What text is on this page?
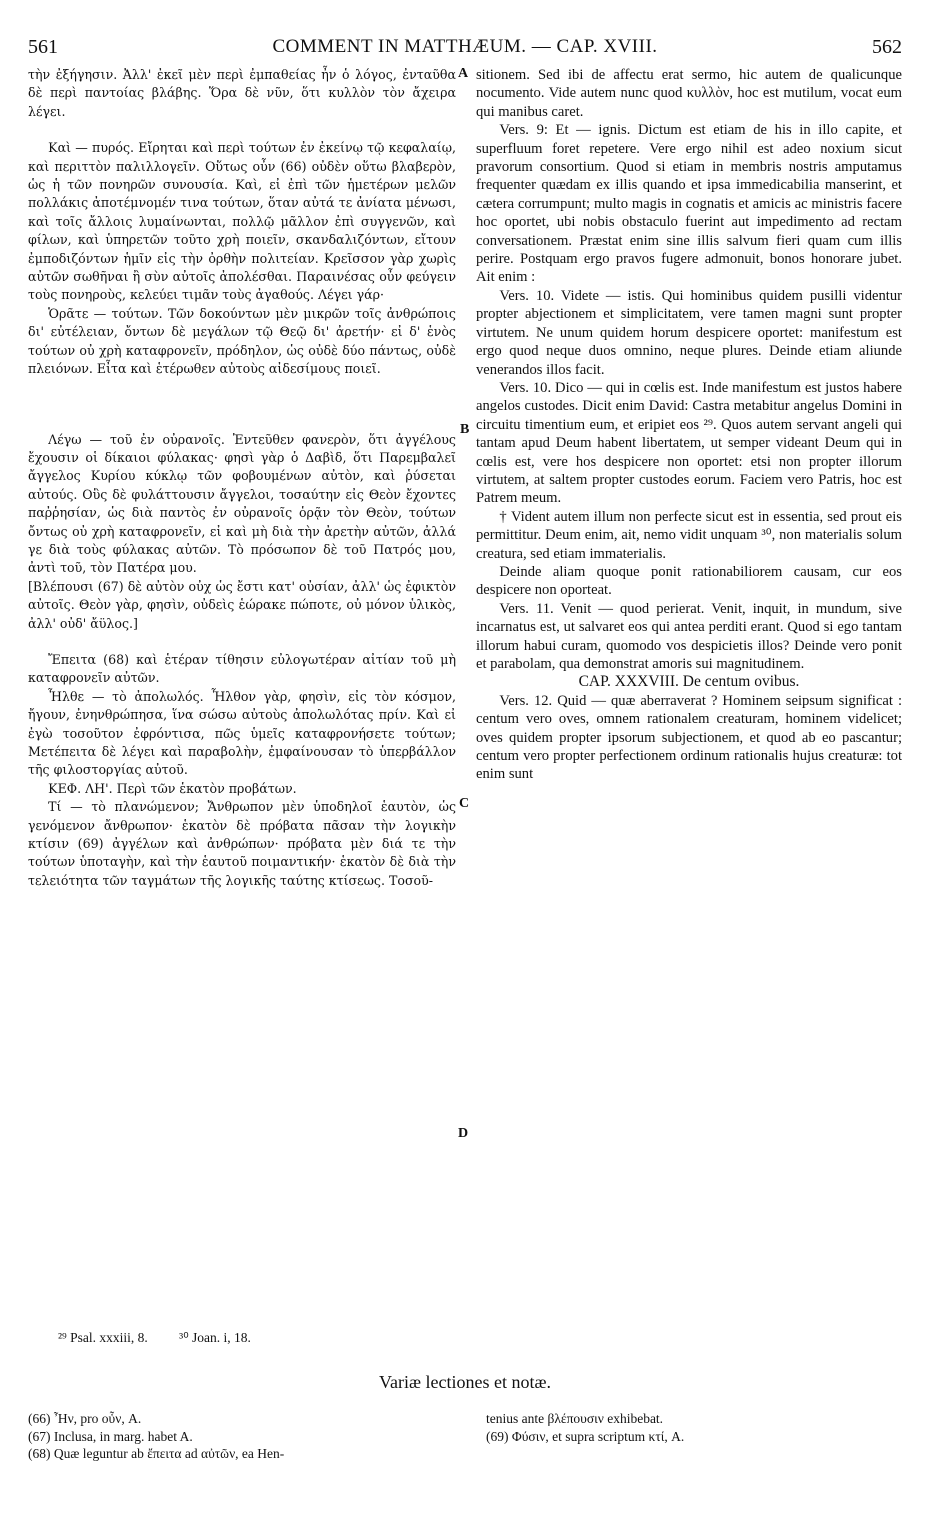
561	COMMENT IN MATTHÆUM. — CAP. XVIII.	562
A
B
C
D

τὴν ἐξήγησιν. Ἀλλ' ἐκεῖ μὲν περὶ ἐμπαθείας ἦν ὁ λόγος, ἐνταῦθα δὲ περὶ παντοίας βλάβης. Ὅρα δὲ νῦν, ὅτι κυλλὸν τὸν ἄχειρα λέγει.

Καὶ — πυρός. Εἴρηται καὶ περὶ τούτων ἐν ἐκείνῳ τῷ κεφαλαίῳ, καὶ περιττὸν παλιλλογεῖν. Οὕτως οὖν (66) οὐδὲν οὕτω βλαβερὸν, ὡς ἡ τῶν πονηρῶν συνουσία. Καὶ, εἰ ἐπὶ τῶν ἡμετέρων μελῶν πολλάκις ἀποτέμνομέν τινα τούτων, ὅταν αὐτά τε ἀνίατα μένωσι, καὶ τοῖς ἄλλοις λυμαίνωνται, πολλῷ μᾶλλον ἐπὶ συγγενῶν, καὶ φίλων, καὶ ὑπηρετῶν τοῦτο χρὴ ποιεῖν, σκανδαλιζόντων, εἴτουν ἐμποδιζόντων ἡμῖν εἰς τὴν ὀρθὴν πολιτείαν. Κρεῖσσον γὰρ χωρὶς αὐτῶν σωθῆναι ἢ σὺν αὐτοῖς ἀπολέσθαι. Παραινέσας οὖν φεύγειν τοὺς πονηροὺς, κελεύει τιμᾶν τοὺς ἀγαθούς. Λέγει γάρ·

Ὁρᾶτε — τούτων. Τῶν δοκούντων μὲν μικρῶν τοῖς ἀνθρώποις δι' εὐτέλειαν, ὄντων δὲ μεγάλων τῷ Θεῷ δι' ἀρετήν· εἰ δ' ἑνὸς τούτων οὐ χρὴ καταφρονεῖν, πρόδηλον, ὡς οὐδὲ δύο πάντως, οὐδὲ πλειόνων. Εἶτα καὶ ἑτέρωθεν αὐτοὺς αἰδεσίμους ποιεῖ.

Λέγω — τοῦ ἐν οὐρανοῖς. Ἐντεῦθεν φανερὸν, ὅτι ἀγγέλους ἔχουσιν οἱ δίκαιοι φύλακας· φησὶ γὰρ ὁ Δαβὶδ, ὅτι Παρεμβαλεῖ ἄγγελος Κυρίου κύκλῳ τῶν φοβουμένων αὐτὸν, καὶ ῥύσεται αὐτούς. Οὓς δὲ φυλάττουσιν ἄγγελοι, τοσαύτην εἰς Θεὸν ἔχοντες παῤῥησίαν, ὡς διὰ παντὸς ἐν οὐρανοῖς ὁρᾷν τὸν Θεὸν, τούτων ὄντως οὐ χρὴ καταφρονεῖν, εἰ καὶ μὴ διὰ τὴν ἀρετὴν αὐτῶν, ἀλλά γε διὰ τοὺς φύλακας αὐτῶν. Τὸ πρόσωπον δὲ τοῦ Πατρός μου, ἀντὶ τοῦ, τὸν Πατέρα μου.

[Βλέπουσι (67) δὲ αὐτὸν οὐχ ὡς ἔστι κατ' οὐσίαν, ἀλλ' ὡς ἐφικτὸν αὐτοῖς. Θεὸν γὰρ, φησὶν, οὐδεὶς ἑώρακε πώποτε, οὐ μόνον ὑλικὸς, ἀλλ' οὐδ' ἄϋλος.]

Ἔπειτα (68) καὶ ἑτέραν τίθησιν εὐλογωτέραν αἰτίαν τοῦ μὴ καταφρονεῖν αὐτῶν.

Ἦλθε — τὸ ἀπολωλός. Ἦλθον γὰρ, φησὶν, εἰς τὸν κόσμον, ἤγουν, ἐνηνθρώπησα, ἵνα σώσω αὐτοὺς ἀπολωλότας πρίν. Καὶ εἰ ἐγὼ τοσοῦτον ἐφρόντισα, πῶς ὑμεῖς καταφρονήσετε τούτων; Μετέπειτα δὲ λέγει καὶ παραβολὴν, ἐμφαίνουσαν τὸ ὑπερβάλλον τῆς φιλοστοργίας αὐτοῦ.

ΚΕΦ. ΛΗ'. Περὶ τῶν ἑκατὸν προβάτων.

Τί — τὸ πλανώμενον; Ἄνθρωπον μὲν ὑποδηλοῖ ἑαυτὸν, ὡς γενόμενον ἄνθρωπον· ἑκατὸν δὲ πρόβατα πᾶσαν τὴν λογικὴν κτίσιν (69) ἀγγέλων καὶ ἀνθρώπων· πρόβατα μὲν διά τε τὴν τούτων ὑποταγὴν, καὶ τὴν ἑαυτοῦ ποιμαντικήν· ἑκατὸν δὲ διὰ τὴν τελειότητα τῶν ταγμάτων τῆς λογικῆς ταύτης κτίσεως. Τοσοῦ-

sitionem. Sed ibi de affectu erat sermo, hic autem de qualicunque nocumento. Vide autem nunc quod κυλλὸν, hoc est mutilum, vocat eum qui manibus caret.

Vers. 9: Et — ignis. Dictum est etiam de his in illo capite, et superfluum foret repetere. Vere ergo nihil est adeo noxium sicut pravorum consortium. Quod si etiam in membris nostris amputamus frequenter quædam ex illis quando et ipsa immedicabilia manserint, et cætera corrumpunt; multo magis in cognatis et amicis ac ministris facere hoc oportet, ubi nobis obstaculo fuerint aut impedimento ad rectam conversationem. Præstat enim sine illis salvum fieri quam cum illis perire. Postquam ergo pravos fugere admonuit, bonos honorare jubet. Ait enim :

Vers. 10. Videte — istis. Qui hominibus quidem pusilli videntur propter abjectionem et simplicitatem, vere tamen magni sunt propter virtutem. Ne unum quidem horum despicere oportet: manifestum est ergo quod neque duos omnino, neque plures. Deinde etiam aliunde venerandos illos facit.

Vers. 10. Dico — qui in cœlis est. Inde manifestum est justos habere angelos custodes. Dicit enim David: Castra metabitur angelus Domini in circuitu timentium eum, et eripiet eos ²⁹. Quos autem servant angeli qui tantam apud Deum habent libertatem, ut semper videant Deum qui in cœlis est, vere hos despicere non oportet: etsi non propter illorum virtutem, at saltem propter custodes eorum. Faciem vero Patris, hoc est Patrem meum.

† Vident autem illum non perfecte sicut est in essentia, sed prout eis permittitur. Deum enim, ait, nemo vidit unquam ³⁰, non materialis solum creatura, sed etiam immaterialis.

Deinde aliam quoque ponit rationabiliorem causam, cur eos despicere non oporteat.

Vers. 11. Venit — quod perierat. Venit, inquit, in mundum, sive incarnatus est, ut salvaret eos qui antea perditi erant. Quod si ego tantam illorum habui curam, quomodo vos despicietis illos? Deinde vero ponit et parabolam, qua demonstrat amoris sui magnitudinem.

CAP. XXXVIII. De centum ovibus.

Vers. 12. Quid — quæ aberraverat ? Hominem seipsum significat : centum vero oves, omnem rationalem creaturam, hominem videlicet; oves quidem propter ipsorum subjectionem, et quod ab eo pascantur; centum vero propter perfectionem ordinum rationalis hujus creaturæ: tot enim sunt

²⁹ Psal. xxxiii, 8. ³⁰ Joan. i, 18.
Variæ lectiones et notæ.
(66) Ἦν, pro οὖν, A.
(67) Inclusa, in marg. habet A.
(68) Quæ leguntur ab ἔπειτα ad αὐτῶν, ea Hen-
tenius ante βλέπουσιν exhibebat.
(69) Φύσιν, et supra scriptum κτί, A.
